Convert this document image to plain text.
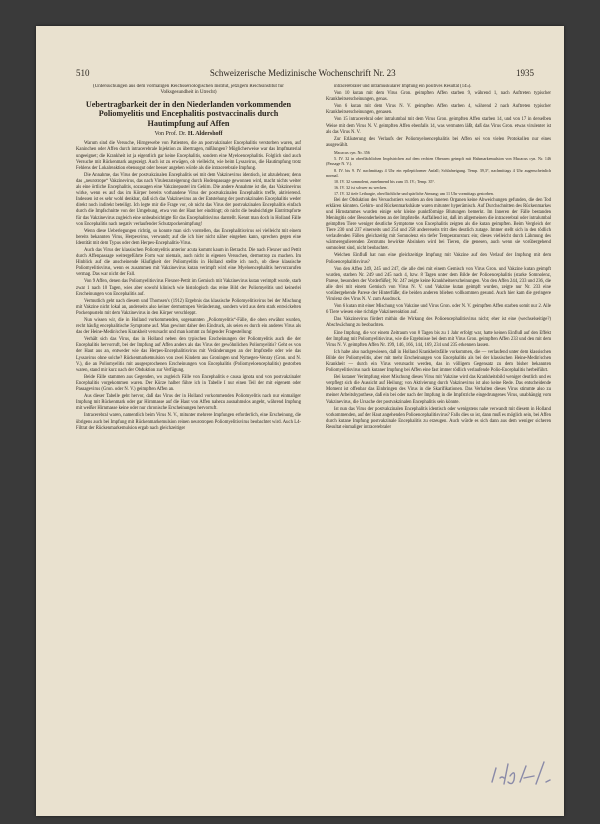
510	Schweizerische Medizinische Wochenschrift Nr. 23	1935
(Untersuchungen aus dem vormaligen Reichsseriologischen Institut, jetzigem Reichsinstitut für Volksgesundheit in Utrecht)
Uebertragbarkeit der in den Niederlanden vorkommenden Poliomyelitis und Encephalitis postvaccinalis durch Hautimpfung auf Affen
Von Prof. Dr. H. Aldershoff

Warum sind die Versuche, Hirngewebe von Patienten, die an postvakzinaler Encephalitis verstorben waren, auf Kaninchen oder Affen durch intracerebrale Injektion zu übertragen, mißlungen? Möglicherweise war das Impfmaterial ungeeignet; die Krankheit ist ja eigentlich gar keine Encephalitis, sondern eine Myeloencephalitis. Folglich sind auch Versuche mit Rückenmark angezeigt. Auch ist zu erwägen, ob vielleicht, wie beim Lyssavirus, die Hautimpfung trotz Fehlens der Lokalreaktion ebensogut oder besser angehen würde als die intracerebrale Impfung.

Die Annahme, das Virus der postvakzinalen Encephalitis sei mit dem Vakzinevirus identisch, ist abzulehnen; denn das „neurotrope“ Vakzinevirus, das nach Virulenzsteigerung durch Hodenpassage gewonnen wird, macht nichts weiter als eine örtliche Encephalitis, sozusagen eine Vakzinepustel im Gehirn. Die andere Annahme ist die, das Vakzinevirus wirke, wenn es auf das im Körper bereits vorhandene Virus der postvakzinalen Encephalitis treffe, aktivierend. Indessen ist es sehr wohl denkbar, daß sich das Vakzinevirus an der Entstehung der postvakzinalen Encephalitis weder direkt noch indirekt beteiligt. Ich legte mir die Frage vor, ob nicht das Virus der postvakzinalen Encephalitis einfach durch die Impfschnitte von der Umgebung, etwa von der Haut her eindringt; ob nicht die beabsichtigte Eintrittspforte für das Vakzinevirus zugleich eine unbeabsichtigte für das Encephalitisvirus darstellt. Kennt man doch in Holland Fälle von Encephalitis nach negativ verlaufender Schutzpockenimpfung!

Wenn diese Ueberlegungen richtig, so konnte man sich vorstellen, das Encephalitisvirus sei vielleicht mit einem bereits bekannten Virus, Herpesvirus, verwandt; auf die ich hier nicht näher eingehen kann, sprechen gegen eine Identität mit dem Typus oder dem Herpes-Encephalitis-Virus.

Auch das Virus der klassischen Poliomyelitis anterior acuta kommt kaum in Betracht. Die nach Flexner und Pettit durch Affenpassage weitergeführte Form war niemals, auch nicht in eigenen Versuchen, dermotrop zu machen. Im Hinblick auf die anscheinende Häufigkeit der Poliomyelitis in Holland stellte ich noch, ob diese klassische Poliomyelitisvirus, wenn es zusammen mit Vakzinevirus kutan verimpft wird eine Myeloencephalitis hervorzurufen vermag. Das war nicht der Fall.

Von 9 Affen, denen das Poliomyelitisvirus Flexner-Pettit im Gemisch mit Vakzinevirus kutan verimpft wurde, starb zwar 1 nach 10 Tagen, wies aber sowohl klinisch wie histologisch das reine Bild der Poliomyelitis und keinerlei Erscheinungen von Encephalitis auf.

Vermutlich geht nach diesem und Thomsen's (1912) Ergebnis das klassische Poliomyelitisvirus bei der Mischung mit Vakzine nicht lokal an, anderseits also keiner dermotropen Veränderung, sondern wird aus dem stark entwickelten Pockenpusteln mit dem Vakzinevirus in den Körper verschleppt.

Nun wissen wir, die in Holland vorkommenden, sogenannten „Poliomyelitis“-Fälle, die oben erwähnt wurden, recht häufig encephalitische Symptome auf. Man gewinnt daher den Eindruck, als seien es durch ein anderes Virus als das der Heine-Medin'schen Krankheit verursacht und man kommt zu folgender Fragestellung:

Verhält sich das Virus, das in Holland neben den typischen Erscheinungen der Poliomyelitis auch die der Encephalitis hervorruft, bei der Impfung auf Affen anders als das Virus der gewöhnlichen Poliomyelitis? Geht es von der Haut aus an, entweder wie das Herpes-Encephalitisvirus mit Veränderungen an der Impfstelle oder wie das Lyssavirus ohne solche? Rückenmarkemulsion von zwei Kindern aus Groningen und Nymegen-Venray (Gron. und N. V.), die an Poliomyelitis mit ausgesprochenen Erscheinungen von Encephalitis (Poliomyeloencephalitis) gestorben waren, stand mir kurz nach der Obduktion zur Verfügung.

Beide Fälle stammen aus Gegenden, wo zugleich Fälle von Encephalitis e causa ignota und von postvakzinaler Encephalitis vorgekommen waren. Der Kürze halber führe ich in Tabelle I nur einen Teil der mit eigenem oder Passagevirus (Gron. oder N. V.) geimpften Affen an.

Aus dieser Tabelle geht hervor, daß das Virus der in Holland vorkommenden Poliomyelitis nach nur einmaliger Impfung mit Rückenmark oder gar Hirnmasse auf die Haut von Affen nahezu ausnahmslos angeht, während Impfung mit weißer Hirnmasse keine oder nur chronische Erscheinungen hervorruft.

Intracerebral waren, namentlich beim Virus N. V., mitunter mehrere Impfungen erforderlich, eine Erscheinung, die übrigens auch bei Impfung mit Rückenmarkemulsion reinen neurotropen Poliomyelitisvirus beobachtet wird. Auch L4-Filtrat der Rückenmarkemulsion ergab nach gleichzeitiger

intracerebraler und intramuskulärer Impfung ein positives Resultat (145).

Von 10 kutan mit dem Virus Gron. geimpften Affen starben 9, während 1, nach Auftreten typischer Krankheitserscheinungen, genas.

Von 6 kutan mit dem Virus N. V. geimpften Affen starben 4, während 2 nach Auftreten typischer Krankheitserscheinungen, genasen.

Von 15 intracerebral oder intralumbal mit dem Virus Gron. geimpften Affen starben 14, und von 17 in derselben Weise mit dem Virus N. V. geimpften Affen ebenfalls 14, was vermuten läßt, daß das Virus Gron. etwas virulenter ist als das Virus N. V.

Zur Erläuterung des Verlaufs der Poliomyeloencephalitis bei Affen sei von vielen Protokollen nur eines ausgewählt.

Macacus cyn. Nr. 356

5. IV. 32 in oberflächlichen Impfstrichen auf dem rechten Oberarm geimpft mit Halsmarkemulsion von Macacus cyn. Nr. 146 (Passage N. V.).

8. IV. bis 9. IV. nachmittags 4 Uhr ein epileptiformer Anfall; Schlafneigung. Temp. 39,3°, nachmittags 4 Uhr augenscheinlich normal.

10. IV. 32 somnolent, zunehmend bis zum 15. IV.; Temp. 35°.

16. IV. 32 ist schwer zu wecken.

17. IV. 32 tiefe Lethargie, oberflächliche und spärliche Atmung; um 11 Uhr vormittags gestorben.

Bei der Obduktion des Versuchstiers wurden an den inneren Organen keine Abweichungen gefunden, die den Tod erklären könnten. Gehirn- und Rückenmarkshäute waren mitunter hyperämisch. Auf Durchschnitten des Rückenmarkes und Hirnstammes wurden einige sehr kleine punktförmige Blutungen bemerkt. Im Inneren der Fälle bestanden Meningitis oder Besonderheiten an der Impfstelle. Auffallend ist, daß im allgemeinen die intracerebral oder intralumbal geimpften Tiere weniger deutliche Symptome von Encephalitis zeigten als die kutan geimpften. Beim Vergleich der Tiere 230 und 237 einerseits und 254 und 258 andererseits tritt dies deutlich zutage. Immer stellt sich in den tödlich verlaufenden Fällen gleichzeitig mit Somnolenz ein tiefer Temperatursturz ein; dieses vielleicht durch Lähmung des wärmeregulierenden Zentrums bewirkte Absinken wird bei Tieren, die genesen, auch wenn sie vorübergehend somnolent sind, nicht beobachtet.

Welchen Einfluß hat nun eine gleichzeitige Impfung mit Vakzine auf den Verlauf der Impfung mit dem Polioencephalitisvirus?

Von den Affen 249, 245 und 247, die alle drei mit einem Gemisch von Virus Gron. und Vakzine kutan geimpft wurden, starben Nr. 249 und 245 nach 4, bzw. 8 Tagen unter dem Bilde der Polioencephalitis (starke Somnolenz, Parese, besonders der Vorderfüße); Nr. 247 zeigte keine Krankheitserscheinungen. Von den Affen 244, 233 und 236, die alle drei mit einem Gemisch von Virus N. V. und Vakzine kutan geimpft wurden, zeigte nur Nr. 233 eine vorübergehende Parese der Hinterfüße; die beiden anderen blieben vollkommen gesund. Auch hier kam die geringere Virulenz des Virus N. V. zum Ausdruck.

Von 6 kutan mit einer Mischung von Vakzine und Virus Gron. oder N. V. geimpften Affen starben somit nur 2. Alle 6 Tiere wiesen eine richtige Vakzinereaktion auf.

Das Vakzinevirus fördert mithin die Wirkung des Polioencephalitisvirus nicht; eher ist eine (wechselseitige?) Abschwächung zu beobachten.

Eine Impfung, die vor einem Zeitraum von 8 Tagen bis zu 1 Jahr erfolgt war, hatte keinen Einfluß auf den Effekt der Impfung mit Poliomyelitisvirus, wie die Ergebnisse bei dem mit Virus Gron. geimpften Affen 233 und den mit dem Virus N. V. geimpften Affen Nr. 199, 146, 166, 144, 169, 234 und 235 erkennen lassen.

Ich habe also nachgewiesen, daß in Holland Krankheitsfälle vorkommen, die — verlaufend unter dem klassischen Bilde der Poliomyelitis, aber mit mehr Erscheinungen von Encephalitis als bei der klassischen Heine-Medin'schen Krankheit — durch ein Virus verursacht werden, das in völligem Gegensatz zu dem bisher bekannten Poliomyelitisvirus nach kutaner Impfung bei Affen eine fast immer tödlich verlaufende Polio-Encephalitis herbeiführt.

Bei kutaner Verimpfung einer Mischung dieses Virus mit Vakzine wird das Krankheitsbild weniger deutlich und es verpflegt sich die Aussicht auf Heilung; von Aktivierung durch Vakzinevirus ist also keine Rede. Das entscheidende Moment ist offenbar das Einbringen des Virus in die Skarifikationen. Das Verhalten dieses Virus stimmte also zu meiner Arbeitshypothese, daß ein bei oder nach der Impfung in die Impfstriche eingedrungenes Virus, unabhängig vom Vakzinevirus, die Ursache der postvakzinalen Encephalitis sein könnte.

Ist nun das Virus der postvakzinalen Encephalitis identisch oder wenigstens nahe verwandt mit diesem in Holland vorkommenden, auf der Haut angehenden Polioencephalitisvirus? Falls dies so ist, dann muß es möglich sein, bei Affen durch kutane Impfung postvakzinale Encephalitis zu erzeugen. Auch würde es sich dann aus dem weniger sicheren Resultat einmaliger intracerebraler
